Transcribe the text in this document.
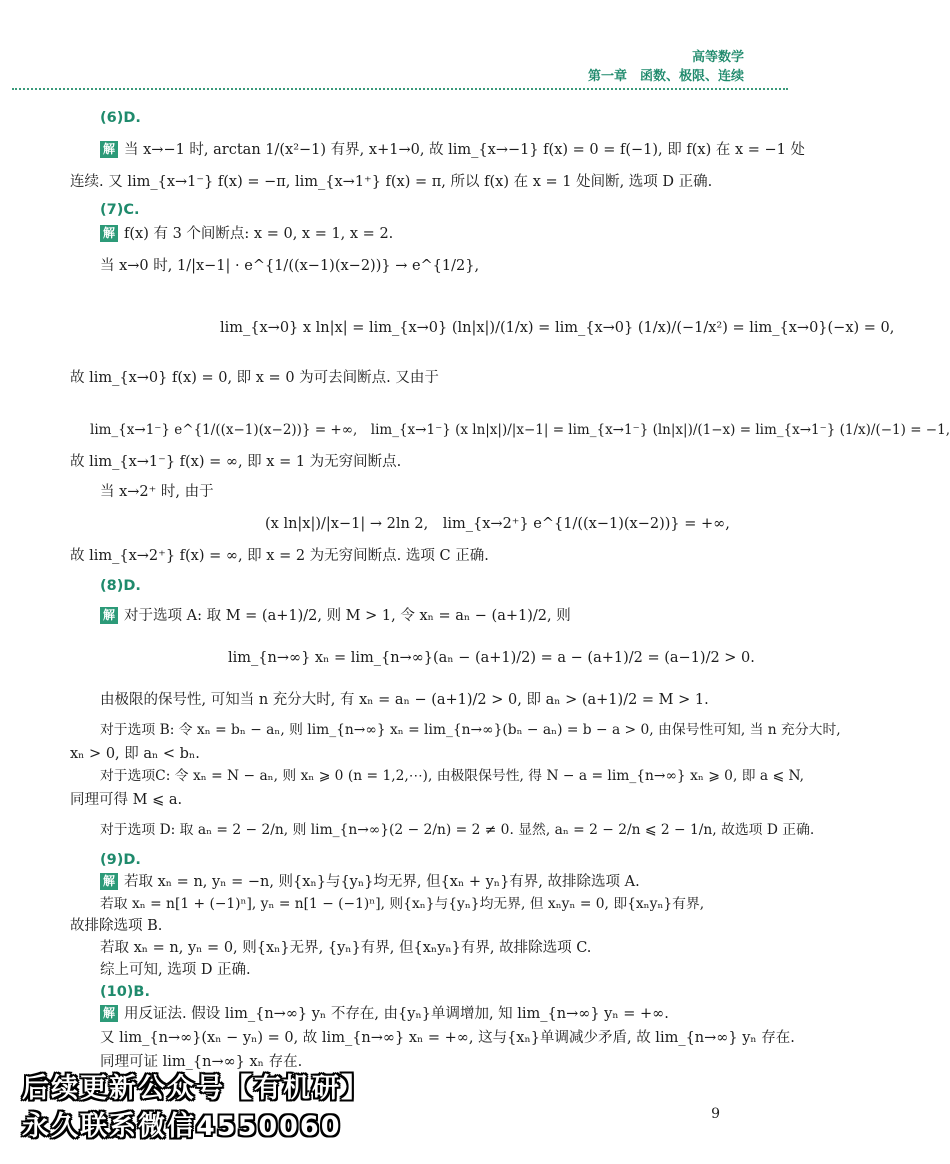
高等数学
第一章　函数、极限、连续
(6)D.
解 当 x→−1 时, arctan 1/(x²−1) 有界, x+1→0, 故 lim_{x→−1} f(x) = 0 = f(−1), 即 f(x) 在 x = −1 处
连续. 又 lim_{x→1⁻} f(x) = −π, lim_{x→1⁺} f(x) = π, 所以 f(x) 在 x = 1 处间断, 选项 D 正确.
(7)C.
解 f(x) 有 3 个间断点: x = 0, x = 1, x = 2.
当 x→0 时, 1/|x−1| · e^{1/((x−1)(x−2))} → e^{1/2},
lim_{x→0} x ln|x| = lim_{x→0} (ln|x|)/(1/x) = lim_{x→0} (1/x)/(−1/x²) = lim_{x→0}(−x) = 0,
故 lim_{x→0} f(x) = 0, 即 x = 0 为可去间断点. 又由于
lim_{x→1⁻} e^{1/((x−1)(x−2))} = +∞,　lim_{x→1⁻} (x ln|x|)/|x−1| = lim_{x→1⁻} (ln|x|)/(1−x) = lim_{x→1⁻} (1/x)/(−1) = −1,
故 lim_{x→1⁻} f(x) = ∞, 即 x = 1 为无穷间断点.
当 x→2⁺ 时, 由于
(x ln|x|)/|x−1| → 2ln 2,　lim_{x→2⁺} e^{1/((x−1)(x−2))} = +∞,
故 lim_{x→2⁺} f(x) = ∞, 即 x = 2 为无穷间断点. 选项 C 正确.
(8)D.
解 对于选项 A: 取 M = (a+1)/2, 则 M > 1, 令 xₙ = aₙ − (a+1)/2, 则
lim_{n→∞} xₙ = lim_{n→∞}(aₙ − (a+1)/2) = a − (a+1)/2 = (a−1)/2 > 0.
由极限的保号性, 可知当 n 充分大时, 有 xₙ = aₙ − (a+1)/2 > 0, 即 aₙ > (a+1)/2 = M > 1.
对于选项 B: 令 xₙ = bₙ − aₙ, 则 lim_{n→∞} xₙ = lim_{n→∞}(bₙ − aₙ) = b − a > 0, 由保号性可知, 当 n 充分大时,
xₙ > 0, 即 aₙ < bₙ.
对于选项C: 令 xₙ = N − aₙ, 则 xₙ ⩾ 0 (n = 1,2,⋯), 由极限保号性, 得 N − a = lim_{n→∞} xₙ ⩾ 0, 即 a ⩽ N,
同理可得 M ⩽ a.
对于选项 D: 取 aₙ = 2 − 2/n, 则 lim_{n→∞}(2 − 2/n) = 2 ≠ 0. 显然, aₙ = 2 − 2/n ⩽ 2 − 1/n, 故选项 D 正确.
(9)D.
解 若取 xₙ = n, yₙ = −n, 则{xₙ}与{yₙ}均无界, 但{xₙ + yₙ}有界, 故排除选项 A.
若取 xₙ = n[1 + (−1)ⁿ], yₙ = n[1 − (−1)ⁿ], 则{xₙ}与{yₙ}均无界, 但 xₙyₙ = 0, 即{xₙyₙ}有界,
故排除选项 B.
若取 xₙ = n, yₙ = 0, 则{xₙ}无界, {yₙ}有界, 但{xₙyₙ}有界, 故排除选项 C.
综上可知, 选项 D 正确.
(10)B.
解 用反证法. 假设 lim_{n→∞} yₙ 不存在, 由{yₙ}单调增加, 知 lim_{n→∞} yₙ = +∞.
又 lim_{n→∞}(xₙ − yₙ) = 0, 故 lim_{n→∞} xₙ = +∞, 这与{xₙ}单调减少矛盾, 故 lim_{n→∞} yₙ 存在.
同理可证 lim_{n→∞} xₙ 存在.
9
后续更新公众号【有机研】
永久联系微信4550060
